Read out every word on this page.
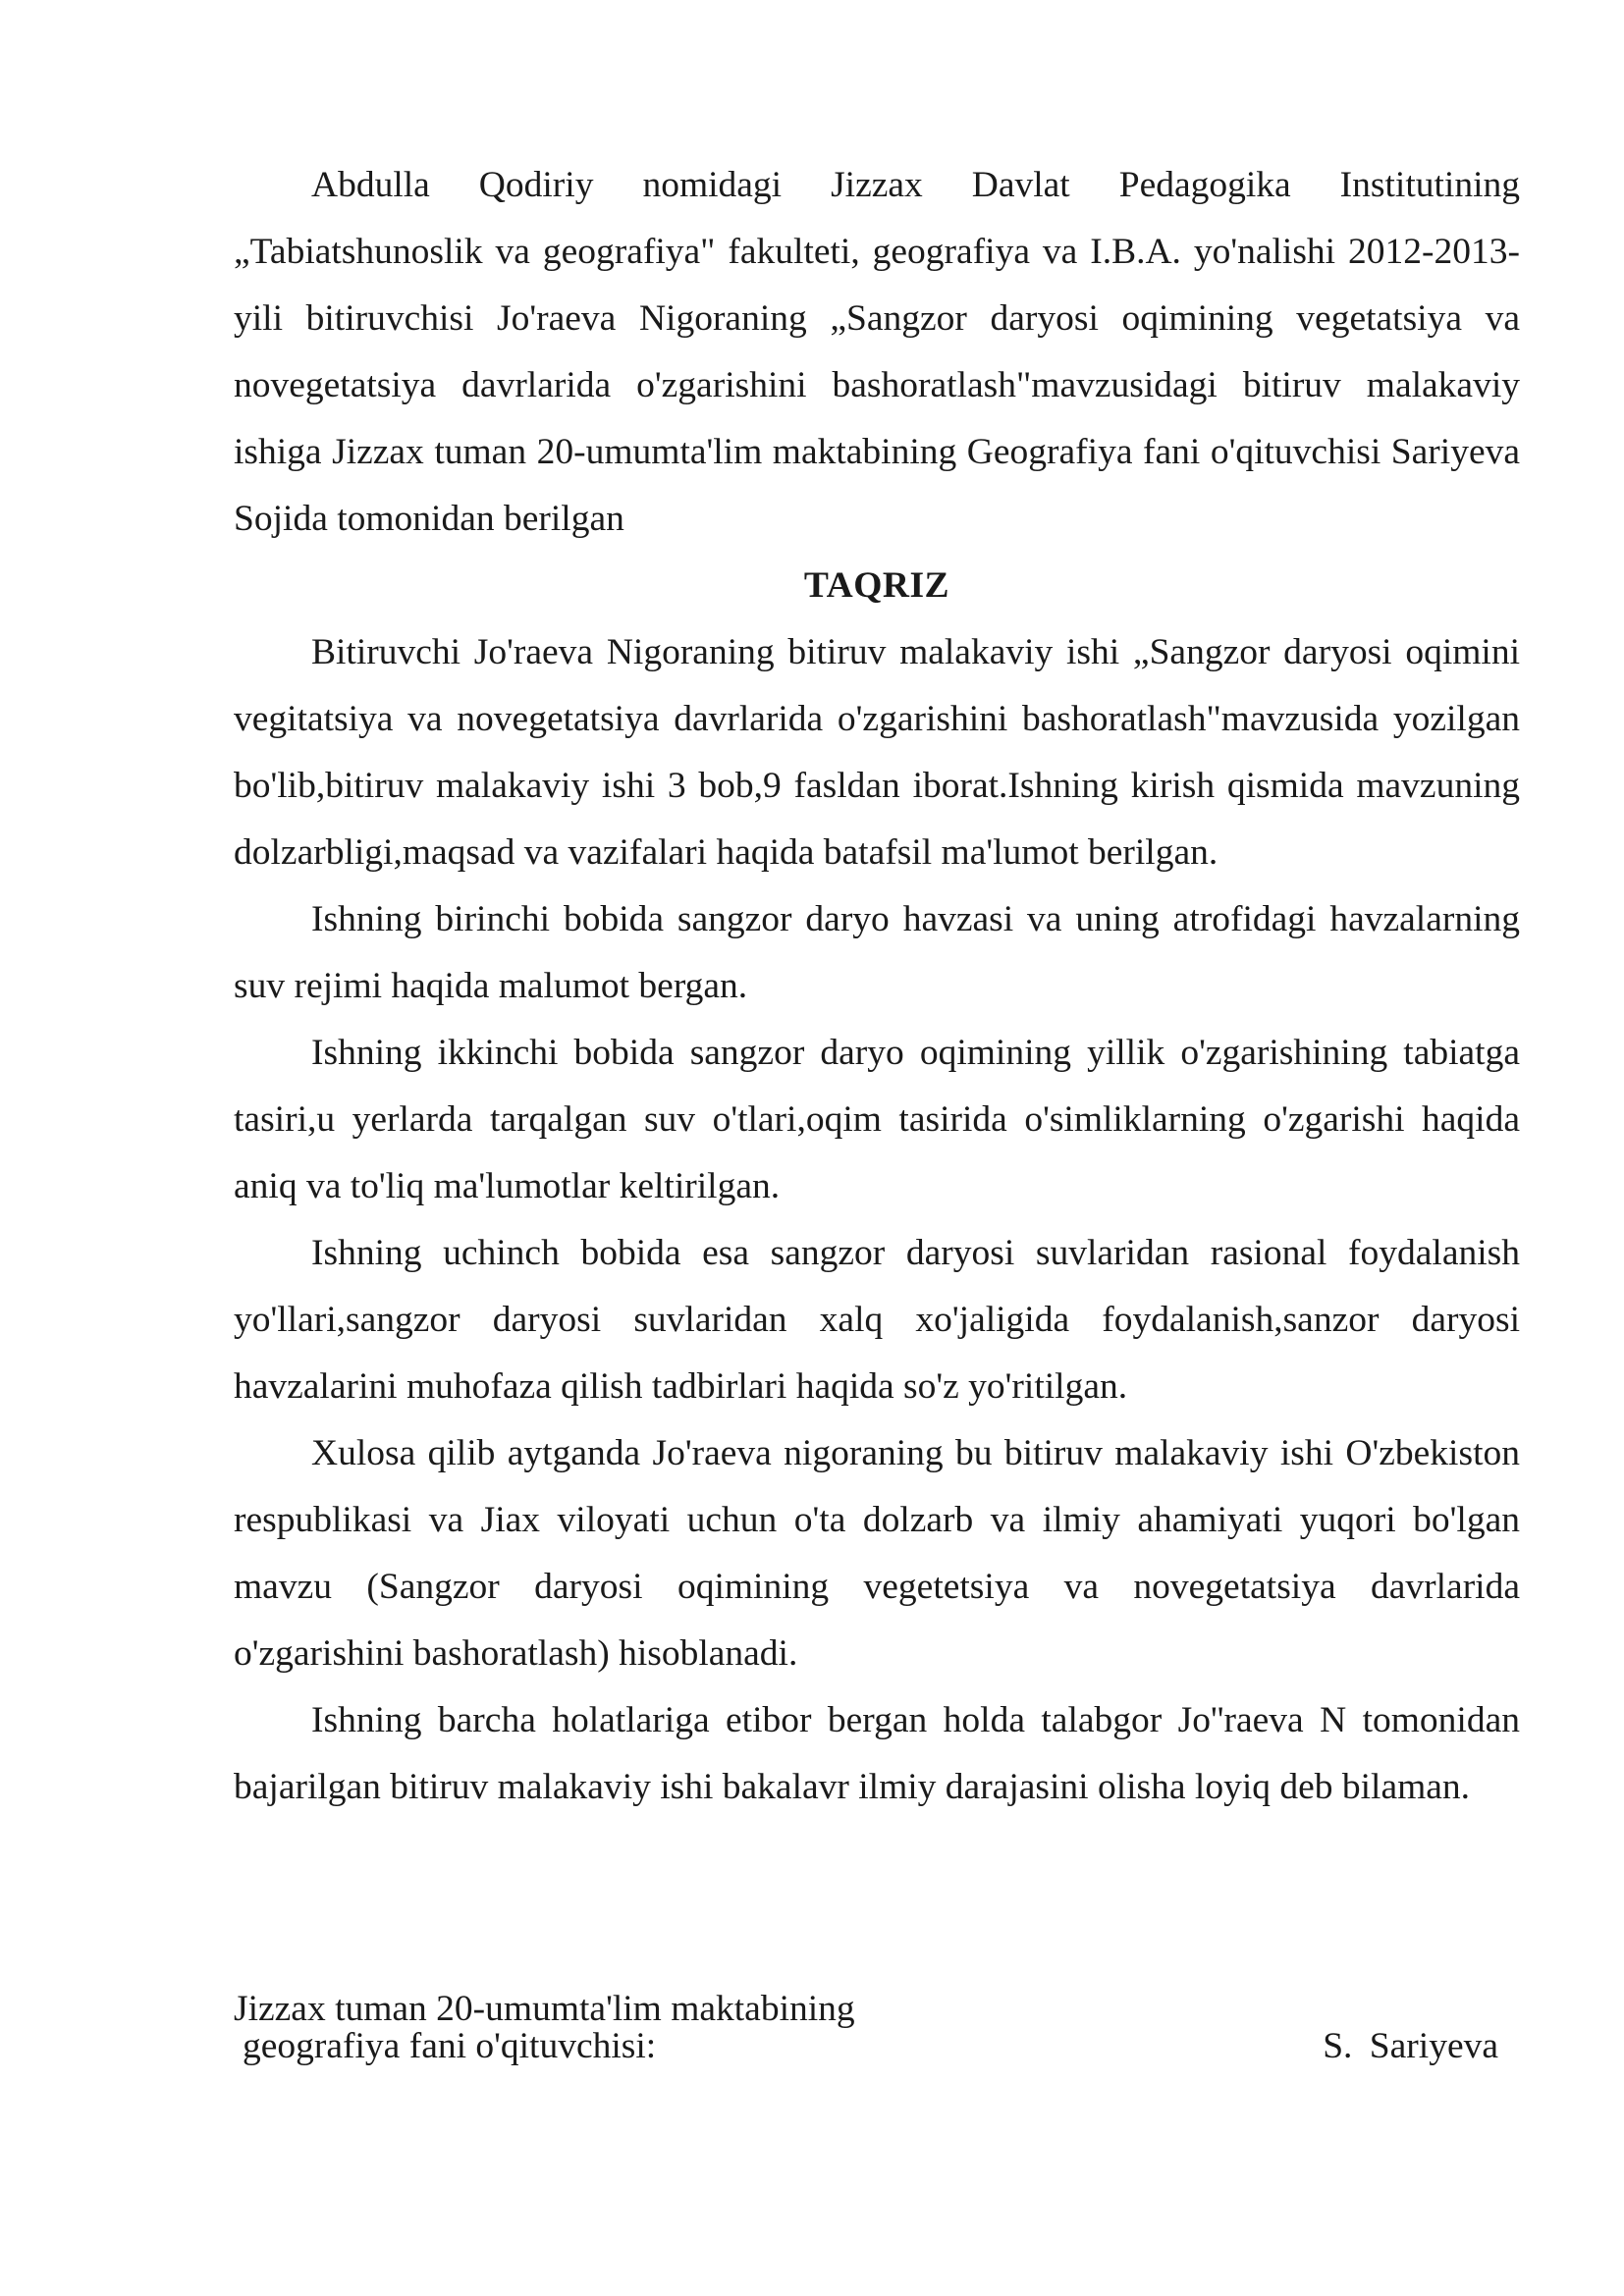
Abdulla Qodiriy nomidagi Jizzax Davlat Pedagogika Institutining „Tabiatshunoslik va geografiya" fakulteti, geografiya va I.B.A. yo'nalishi 2012-2013-yili bitiruvchisi Jo'raeva Nigoraning „Sangzor daryosi oqimining vegetatsiya va novegetatsiya davrlarida o'zgarishini bashoratlash"mavzusidagi bitiruv malakaviy ishiga Jizzax tuman 20-umumta'lim maktabining Geografiya fani o'qituvchisi Sariyeva Sojida tomonidan berilgan

TAQRIZ

Bitiruvchi Jo'raeva Nigoraning bitiruv malakaviy ishi „Sangzor daryosi oqimini vegitatsiya va novegetatsiya davrlarida o'zgarishini bashoratlash"mavzusida yozilgan bo'lib,bitiruv malakaviy ishi 3 bob,9 fasldan iborat.Ishning kirish qismida mavzuning dolzarbligi,maqsad va vazifalari haqida batafsil ma'lumot berilgan.

Ishning birinchi bobida sangzor daryo havzasi va uning atrofidagi havzalarning suv rejimi haqida malumot bergan.

Ishning ikkinchi bobida sangzor daryo oqimining yillik o'zgarishining tabiatga tasiri,u yerlarda tarqalgan suv o'tlari,oqim tasirida o'simliklarning o'zgarishi haqida aniq va to'liq ma'lumotlar keltirilgan.

Ishning uchinch bobida esa sangzor daryosi suvlaridan rasional foydalanish yo'llari,sangzor daryosi suvlaridan xalq xo'jaligida foydalanish,sanzor daryosi havzalarini muhofaza qilish tadbirlari haqida so'z yo'ritilgan.

Xulosa qilib aytganda Jo'raeva nigoraning bu bitiruv malakaviy ishi O'zbekiston respublikasi va Jiax viloyati uchun o'ta dolzarb va ilmiy ahamiyati yuqori bo'lgan mavzu (Sangzor daryosi oqimining vegetetsiya va novegetatsiya davrlarida o'zgarishini bashoratlash) hisoblanadi.

Ishning barcha holatlariga etibor bergan holda talabgor Jo''raeva N tomonidan bajarilgan bitiruv malakaviy ishi bakalavr ilmiy darajasini olisha loyiq deb bilaman.

Jizzax tuman 20-umumta'lim maktabining

geografiya fani o'qituvchisi:	S. Sariyeva
